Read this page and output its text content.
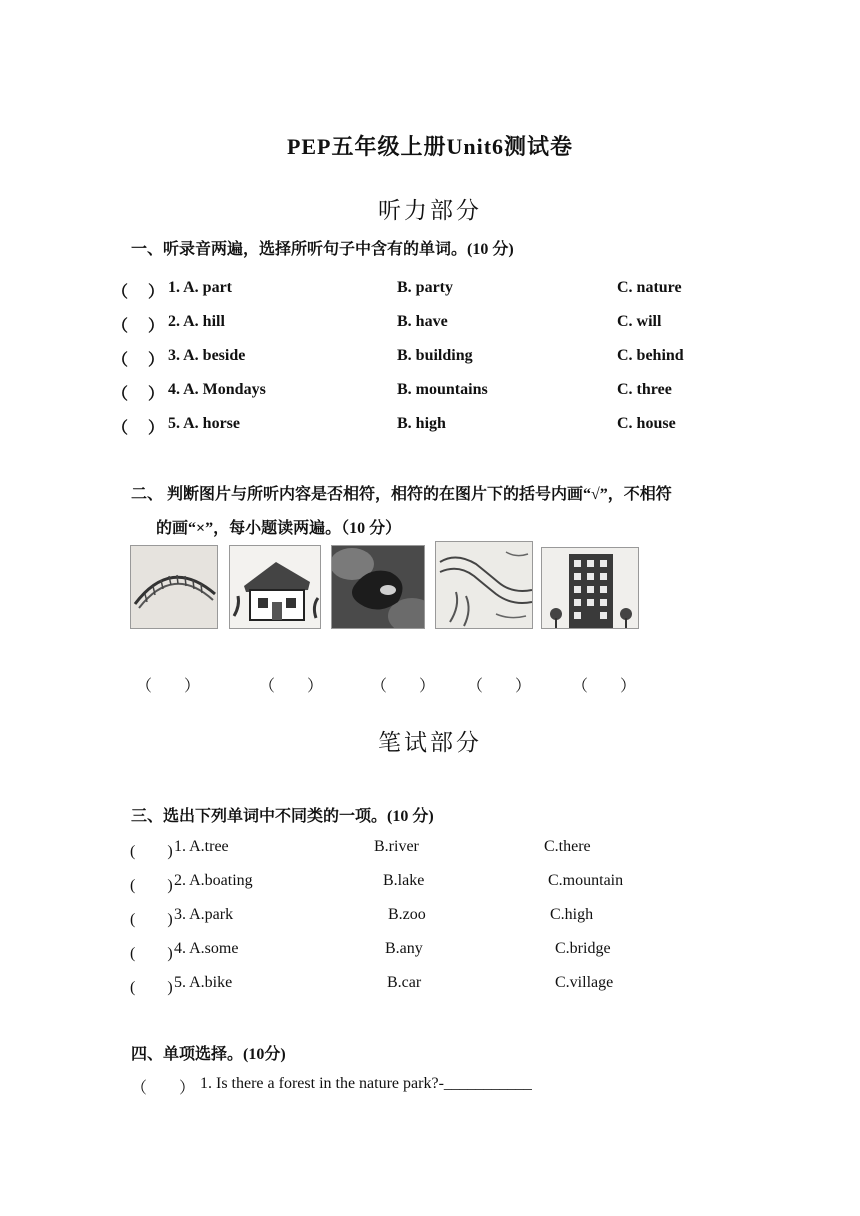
PEP五年级上册Unit6测试卷
听力部分
一、听录音两遍，选择所听句子中含有的单词。(10 分)
（　 ） 1. A. part	B. party	C. nature
（　 ） 2. A. hill	B. have	C. will
（　 ） 3. A. beside	B. building	C. behind
（　 ） 4. A. Mondays	B. mountains	C. three
（　 ） 5. A. horse	B. high	C. house
二、 判断图片与所听内容是否相符，相符的在图片下的括号内画“√”，不相符
的画“×”，每小题读两遍。（10 分）
（　　）	（　　）	（　　） （　　）	（　　）
笔试部分
三、选出下列单词中不同类的一项。(10 分)
(　　) 1. A.tree	B.river	C.there
(　　) 2. A.boating	B.lake	C.mountain
(　　) 3. A.park	B.zoo	C.high
(　　) 4. A.some	B.any	C.bridge
(　　) 5. A.bike	B.car	C.village
四、单项选择。(10分)
（　　） 1. Is there a forest in the nature park?-___________
